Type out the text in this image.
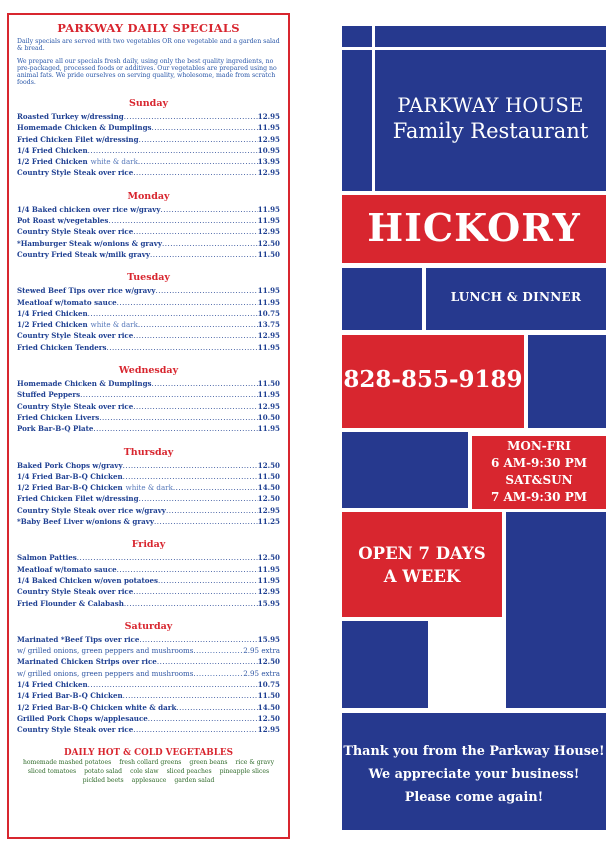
PARKWAY DAILY SPECIALS

Daily specials are served with two vegetables OR one vegetable and a garden salad & bread.

We prepare all our specials fresh daily, using only the best quality ingredients, no pre-packaged, processed foods or additives. Our vegetables are prepared using no animal fats. We pride ourselves on serving quality, wholesome, made from scratch foods.

Sunday
Roasted Turkey w/dressing .....	12.95
Homemade Chicken & Dumplings .....	11.95
Fried Chicken Filet w/dressing .....	12.95
1/4 Fried Chicken .....	10.95
1/2 Fried Chicken white & dark .....	13.95
Country Style Steak over rice .....	12.95
Monday
1/4 Baked chicken over rice w/gravy .....	11.95
Pot Roast w/vegetables .....	11.95
Country Style Steak over rice .....	12.95
*Hamburger Steak w/onions & gravy .....	12.50
Country Fried Steak w/milk gravy .....	11.50
Tuesday
Stewed Beef Tips over rice w/gravy .....	11.95
Meatloaf w/tomato sauce .....	11.95
1/4 Fried Chicken .....	10.75
1/2 Fried Chicken white & dark .....	13.75
Country Style Steak over rice .....	12.95
Fried Chicken Tenders .....	11.95
Wednesday
Homemade Chicken & Dumplings .....	11.50
Stuffed Peppers .....	11.95
Country Style Steak over rice .....	12.95
Fried Chicken Livers .....	10.50
Pork Bar-B-Q Plate .....	11.95
Thursday
Baked Pork Chops w/gravy .....	12.50
1/4 Fried Bar-B-Q Chicken .....	11.50
1/2 Fried Bar-B-Q Chicken white & dark .....	14.50
Fried Chicken Filet w/dressing .....	12.50
Country Style Steak over rice w/gravy .....	12.95
*Baby Beef Liver w/onions & gravy .....	11.25
Friday
Salmon Patties .....	12.50
Meatloaf w/tomato sauce .....	11.95
1/4 Baked Chicken w/oven potatoes .....	11.95
Country Style Steak over rice .....	12.95
Fried Flounder & Calabash .....	15.95
Saturday
Marinated *Beef Tips over rice .....	15.95
w/ grilled onions, green peppers and mushrooms .....	2.95 extra
Marinated Chicken Strips over rice .....	12.50
w/ grilled onions, green peppers and mushrooms .....	2.95 extra
1/4 Fried Chicken .....	10.75
1/4 Fried Bar-B-Q Chicken .....	11.50
1/2 Fried Bar-B-Q Chicken white & dark .....	14.50
Grilled Pork Chops w/applesauce .....	12.50
Country Style Steak over rice .....	12.95
DAILY HOT & COLD VEGETABLES
homemade mashed potatoes fresh collard greens green beans rice & gravy
sliced tomatoes potato salad cole slaw sliced peaches pineapple slices
pickled beets applesauce garden salad
PARKWAY HOUSE
Family Restaurant
HICKORY
LUNCH & DINNER
828-855-9189
MON-FRI
6 AM-9:30 PM
SAT&SUN
7 AM-9:30 PM
OPEN 7 DAYS
A WEEK
Thank you from the Parkway House!
We appreciate your business!
Please come again!
